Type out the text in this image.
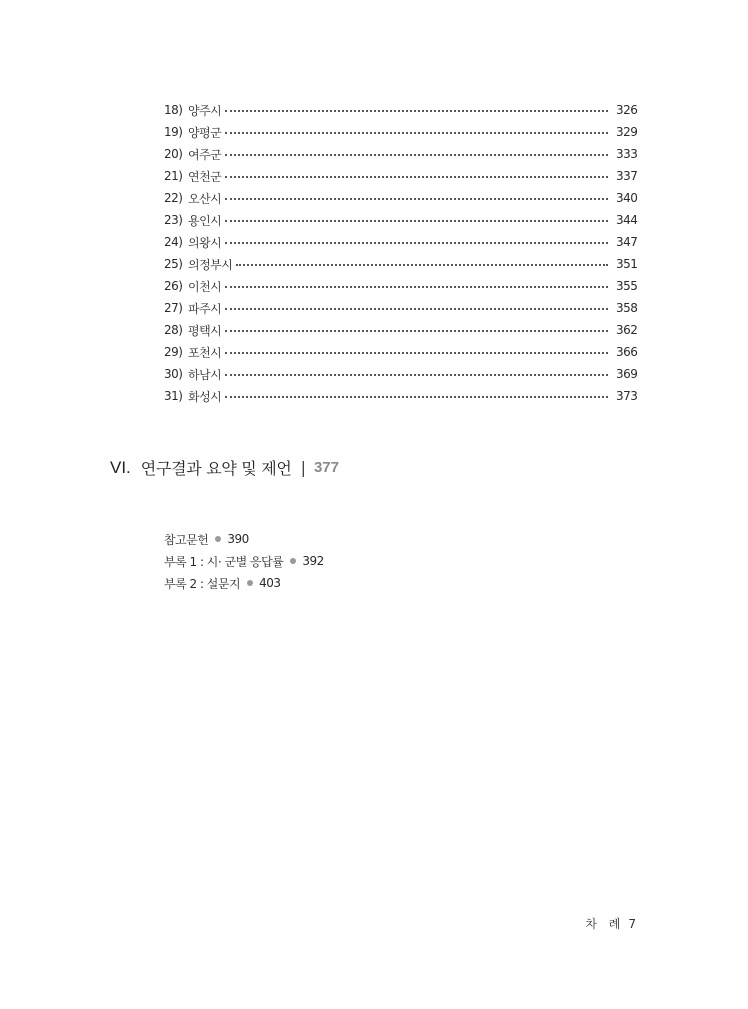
18) 양주시	326
19) 양평군	329
20) 여주군	333
21) 연천군	337
22) 오산시	340
23) 용인시	344
24) 의왕시	347
25) 의정부시	351
26) 이천시	355
27) 파주시	358
28) 평택시	362
29) 포천시	366
30) 하남시	369
31) 화성시	373
VI. 연구결과 요약 및 제언 | 377
참고문헌 390
부록 1 : 시· 군별 응답률 392
부록 2 : 설문지 403
차 례 7
